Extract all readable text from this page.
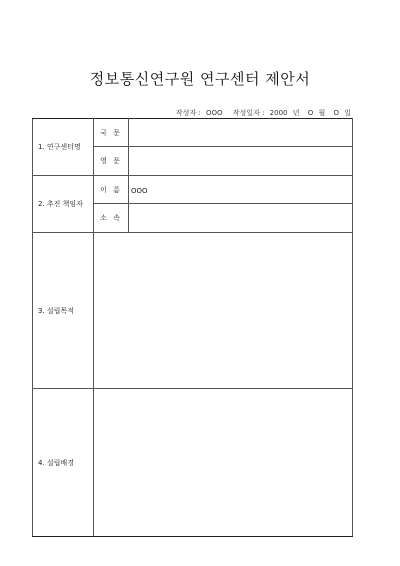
정보통신연구원 연구센터 제안서
작성자 : ООО 작성일자 : 2000 년 O 월 O 일
1. 연구센터명	국 문	
	영 문	
2. 추진 책임자	이 름	ООО
	소 속	
3. 설립목적		
4. 설립배경		
